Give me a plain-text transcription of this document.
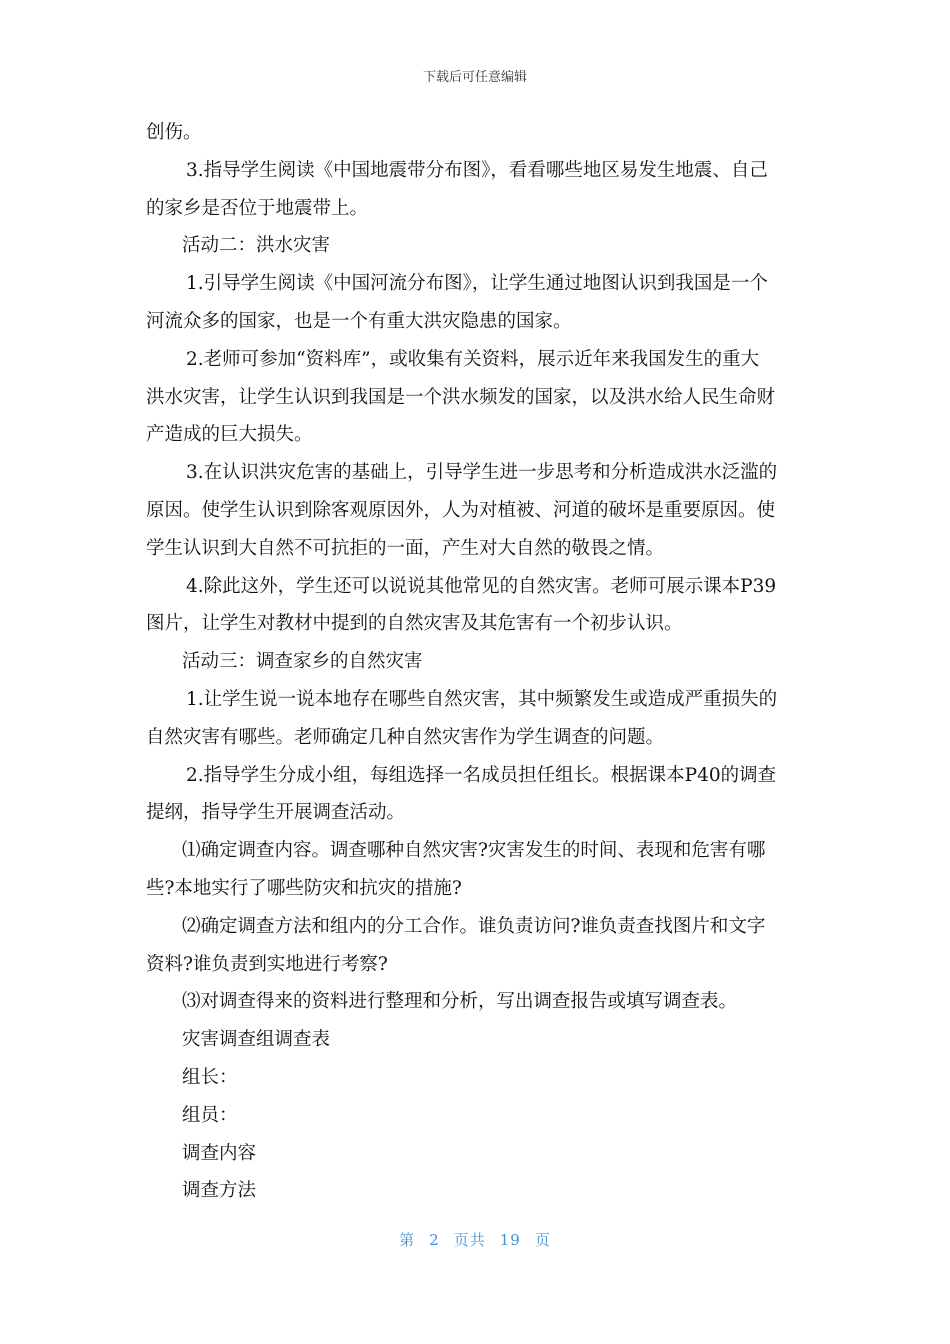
下载后可任意编辑
创伤。
3.指导学生阅读《中国地震带分布图》，看看哪些地区易发生地震、自己
的家乡是否位于地震带上。
活动二：洪水灾害
1.引导学生阅读《中国河流分布图》，让学生通过地图认识到我国是一个
河流众多的国家，也是一个有重大洪灾隐患的国家。
2.老师可参加“资料库”，或收集有关资料，展示近年来我国发生的重大
洪水灾害，让学生认识到我国是一个洪水频发的国家，以及洪水给人民生命财
产造成的巨大损失。
3.在认识洪灾危害的基础上，引导学生进一步思考和分析造成洪水泛滥的
原因。使学生认识到除客观原因外，人为对植被、河道的破坏是重要原因。使
学生认识到大自然不可抗拒的一面，产生对大自然的敬畏之情。
4.除此这外，学生还可以说说其他常见的自然灾害。老师可展示课本P39
图片，让学生对教材中提到的自然灾害及其危害有一个初步认识。
活动三：调查家乡的自然灾害
1.让学生说一说本地存在哪些自然灾害，其中频繁发生或造成严重损失的
自然灾害有哪些。老师确定几种自然灾害作为学生调查的问题。
2.指导学生分成小组，每组选择一名成员担任组长。根据课本P40的调查
提纲，指导学生开展调查活动。
⑴确定调查内容。调查哪种自然灾害?灾害发生的时间、表现和危害有哪
些?本地实行了哪些防灾和抗灾的措施?
⑵确定调查方法和组内的分工合作。谁负责访问?谁负责查找图片和文字
资料?谁负责到实地进行考察?
⑶对调查得来的资料进行整理和分析，写出调查报告或填写调查表。
灾害调查组调查表
组长：
组员：
调查内容
调查方法
第 2 页共 19 页
